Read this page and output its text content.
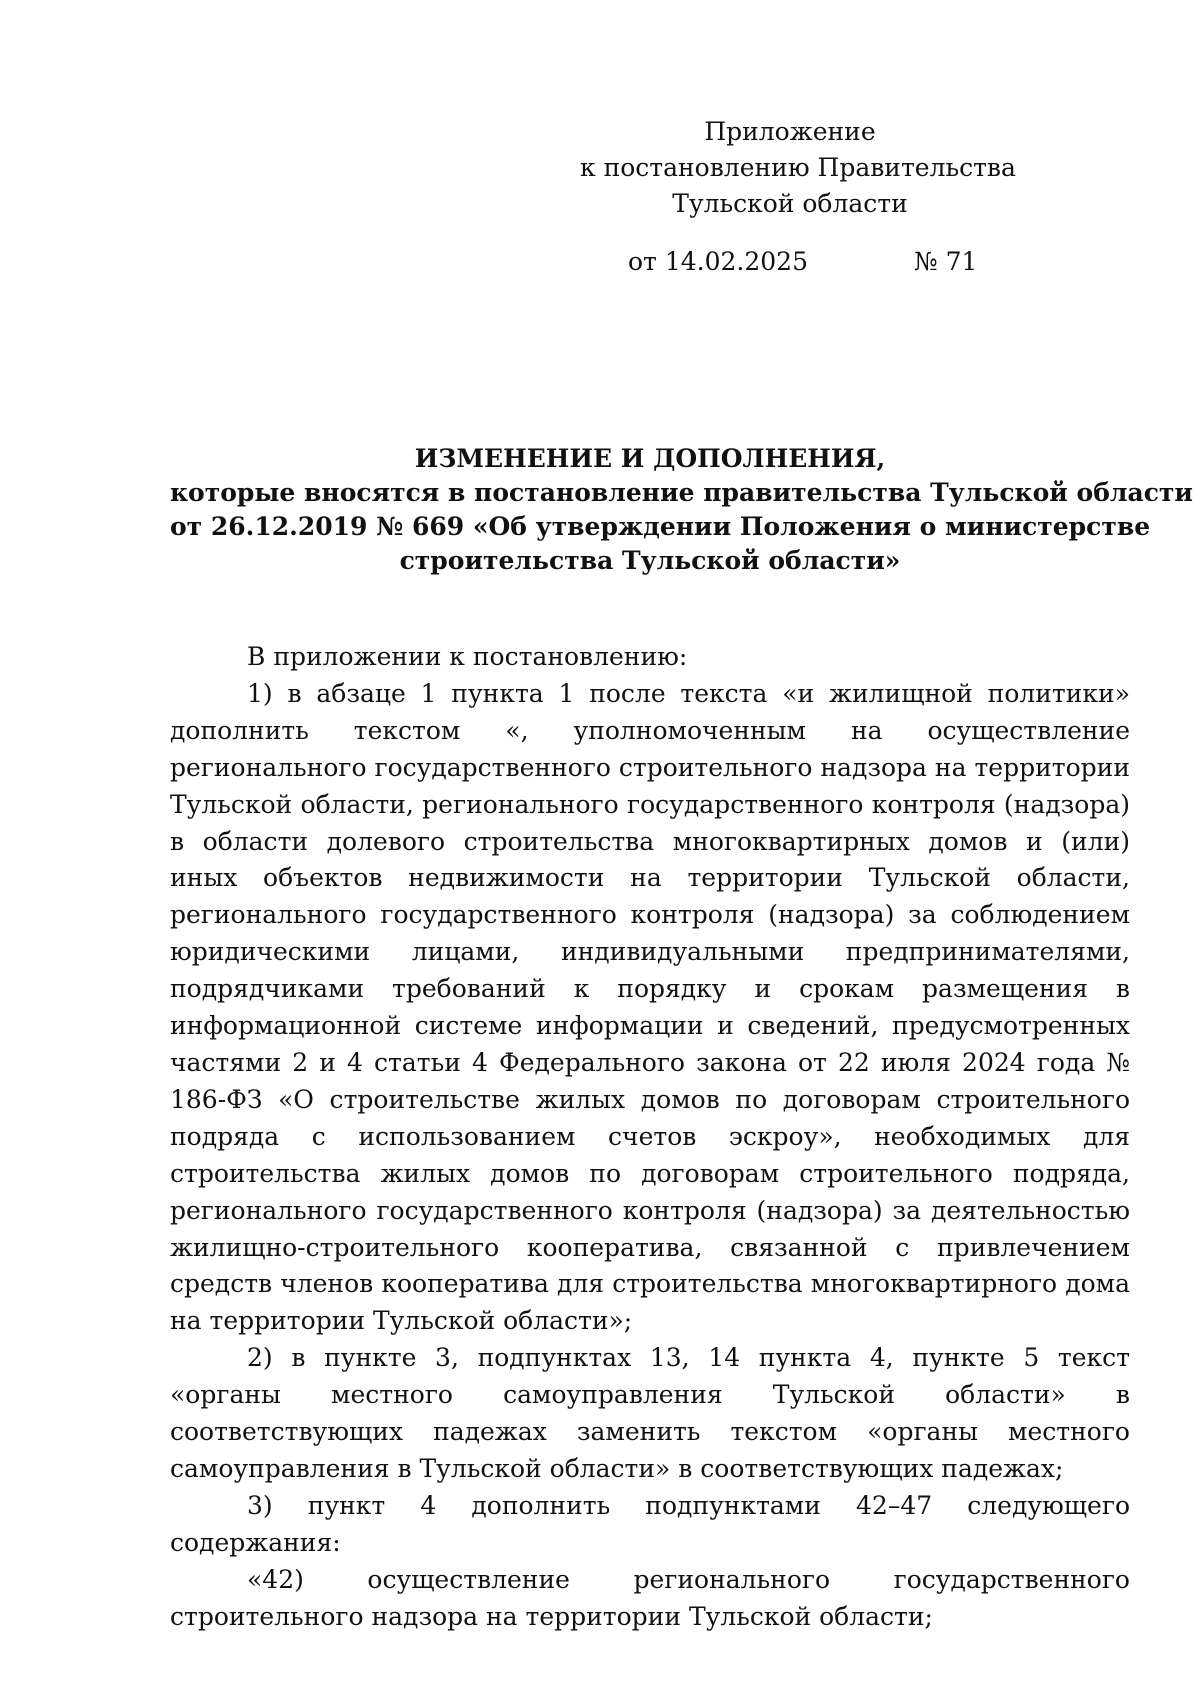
Приложение
к постановлению Правительства
Тульской области
от 14.02.2025	№ 71
ИЗМЕНЕНИЕ И ДОПОЛНЕНИЯ,
которые вносятся в постановление правительства Тульской области
от 26.12.2019 № 669 «Об утверждении Положения о министерстве
строительства Тульской области»

В приложении к постановлению:

1) в абзаце 1 пункта 1 после текста «и жилищной политики» дополнить текстом «, уполномоченным на осуществление регионального государственного строительного надзора на территории Тульской области, регионального государственного контроля (надзора) в области долевого строительства многоквартирных домов и (или) иных объектов недвижимости на территории Тульской области, регионального государственного контроля (надзора) за соблюдением юридическими лицами, индивидуальными предпринимателями, подрядчиками требований к порядку и срокам размещения в информационной системе информации и сведений, предусмотренных частями 2 и 4 статьи 4 Федерального закона от 22 июля 2024 года № 186-ФЗ «О строительстве жилых домов по договорам строительного подряда с использованием счетов эскроу», необходимых для строительства жилых домов по договорам строительного подряда, регионального государственного контроля (надзора) за деятельностью жилищно-строительного кооператива, связанной с привлечением средств членов кооператива для строительства многоквартирного дома на территории Тульской области»;

2) в пункте 3, подпунктах 13, 14 пункта 4, пункте 5 текст «органы местного самоуправления Тульской области» в соответствующих падежах заменить текстом «органы местного самоуправления в Тульской области» в соответствующих падежах;

3) пункт 4 дополнить подпунктами 42–47 следующего содержания:

«42) осуществление регионального государственного строительного надзора на территории Тульской области;
